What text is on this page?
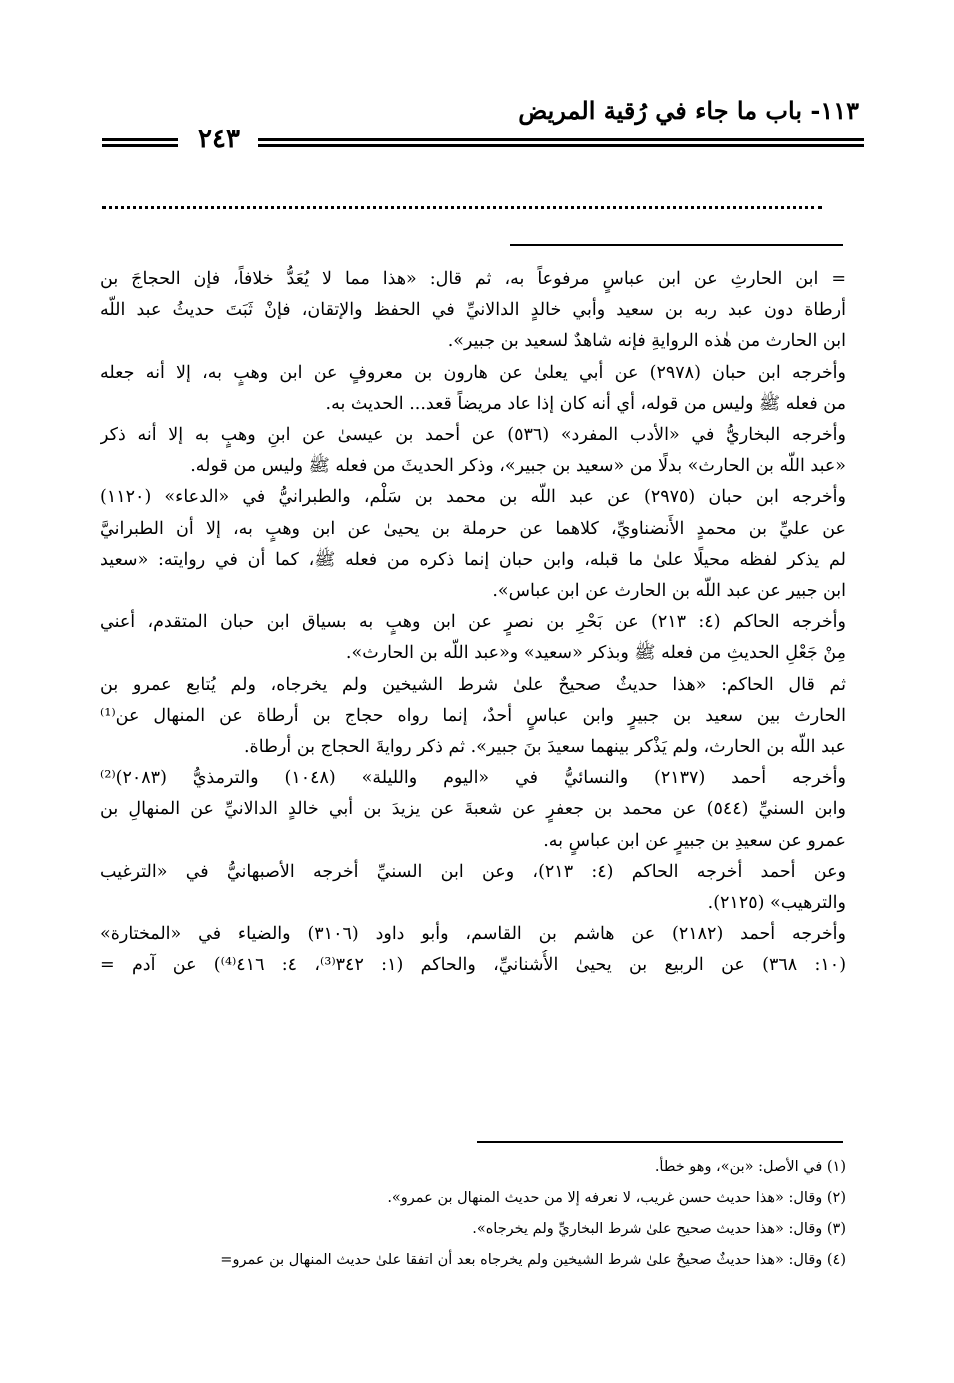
١١٣- باب ما جاء في رُقية المريض
٢٤٣
= ابن الحارثِ عن ابن عباسٍ مرفوعاً به، ثم قال: «هذا مما لا يُعَدُّ خلافاً، فإن الحجاجَ بن
أرطاة دون عبد ربه بن سعيد وأبي خالدٍ الدالانيِّ في الحفظ والإتقان، فإنْ ثَبَتَ حديثُ عبد اللّه
ابن الحارث من هٰذه الروايةِ فإنه شاهدٌ لسعيد بن جبير».
وأخرجه ابن حبان (٢٩٧٨) عن أبي يعلىٰ عن هارون بن معروفٍ عن ابن وهبٍ به، إلا أنه جعله
من فعله ﷺ وليس من قوله، أي أنه كان إذا عاد مريضاً قعد... الحديث به.
وأخرجه البخاريُّ في «الأدب المفرد» (٥٣٦) عن أحمد بن عيسىٰ عن ابنِ وهبٍ به إلا أنه ذكر
«عبد اللّه بن الحارث» بدلًا من «سعيد بن جبير»، وذكر الحديثَ من فعله ﷺ وليس من قوله.
وأخرجه ابن حبان (٢٩٧٥) عن عبد اللّه بن محمد بن سَلْم، والطبرانيُّ في «الدعاء» (١١٢٠)
عن عليِّ بن محمدٍ الأَنضناويِّ، كلاهما عن حرملة بن يحيىٰ عن ابن وهبٍ به، إلا أن الطبرانيَّ
لم يذكر لفظه محيلًا علىٰ ما قبله، وابن حبان إنما ذكره من فعله ﷺ، كما أن في روايته: «سعيد
ابن جبير عن عبد اللّه بن الحارث عن ابن عباس».
وأخرجه الحاكم (٤: ٢١٣) عن بَحْرِ بن نصرٍ عن ابن وهبٍ به بسياق ابن حبان المتقدم، أعني
مِنْ جَعْلِ الحديثِ من فعله ﷺ وبذكر «سعيد» و«عبد اللّه بن الحارث».
ثم قال الحاكم: «هذا حديثٌ صحيحٌ علىٰ شرط الشيخين ولم يخرجاه، ولم يُتابع عمرو بن
الحارث بين سعيد بن جبيرٍ وابن عباسٍ أحدٌ، إنما رواه حجاج بن أرطاة عن المنهال عن⁽¹⁾
عبد اللّه بن الحارث، ولم يَذْكر بينهما سعيدَ بنَ جبير». ثم ذكر روايةَ الحجاج بن أرطاة.
وأخرجه أحمد (٢١٣٧) والنسائيُّ في «اليوم والليلة» (١٠٤٨) والترمذيُّ (٢٠٨٣)⁽²⁾
وابن السنيِّ (٥٤٤) عن محمد بن جعفرٍ عن شعبةَ عن يزيدَ بن أبي خالدٍ الدالانيِّ عن المنهالِ بن
عمرو عن سعيدِ بن جبيرٍ عن ابن عباسٍ به.
وعن أحمد أخرجه الحاكم (٤: ٢١٣)، وعن ابن السنيِّ أخرجه الأصبهانيُّ في «الترغيب
والترهيب» (٢١٢٥).
وأخرجه أحمد (٢١٨٢) عن هاشم بن القاسم، وأبو داود (٣١٠٦) والضياء في «المختارة»
(١٠: ٣٦٨) عن الربيع بن يحيىٰ الأُشنانيِّ، والحاكم (١: ٣٤٢⁽³⁾، ٤: ٤١٦⁽⁴⁾) عن آدم =
(١) في الأصل: «بن»، وهو خطأ.
(٢) وقال: «هذا حديث حسن غريب، لا نعرفه إلا من حديث المنهال بن عمرو».
(٣) وقال: «هذا حديث صحيح علىٰ شرط البخاريِّ ولم يخرجاه».
(٤) وقال: «هذا حديثٌ صحيحٌ علىٰ شرط الشيخين ولم يخرجاه بعد أن اتفقا علىٰ حديث المنهال بن عمرو=
